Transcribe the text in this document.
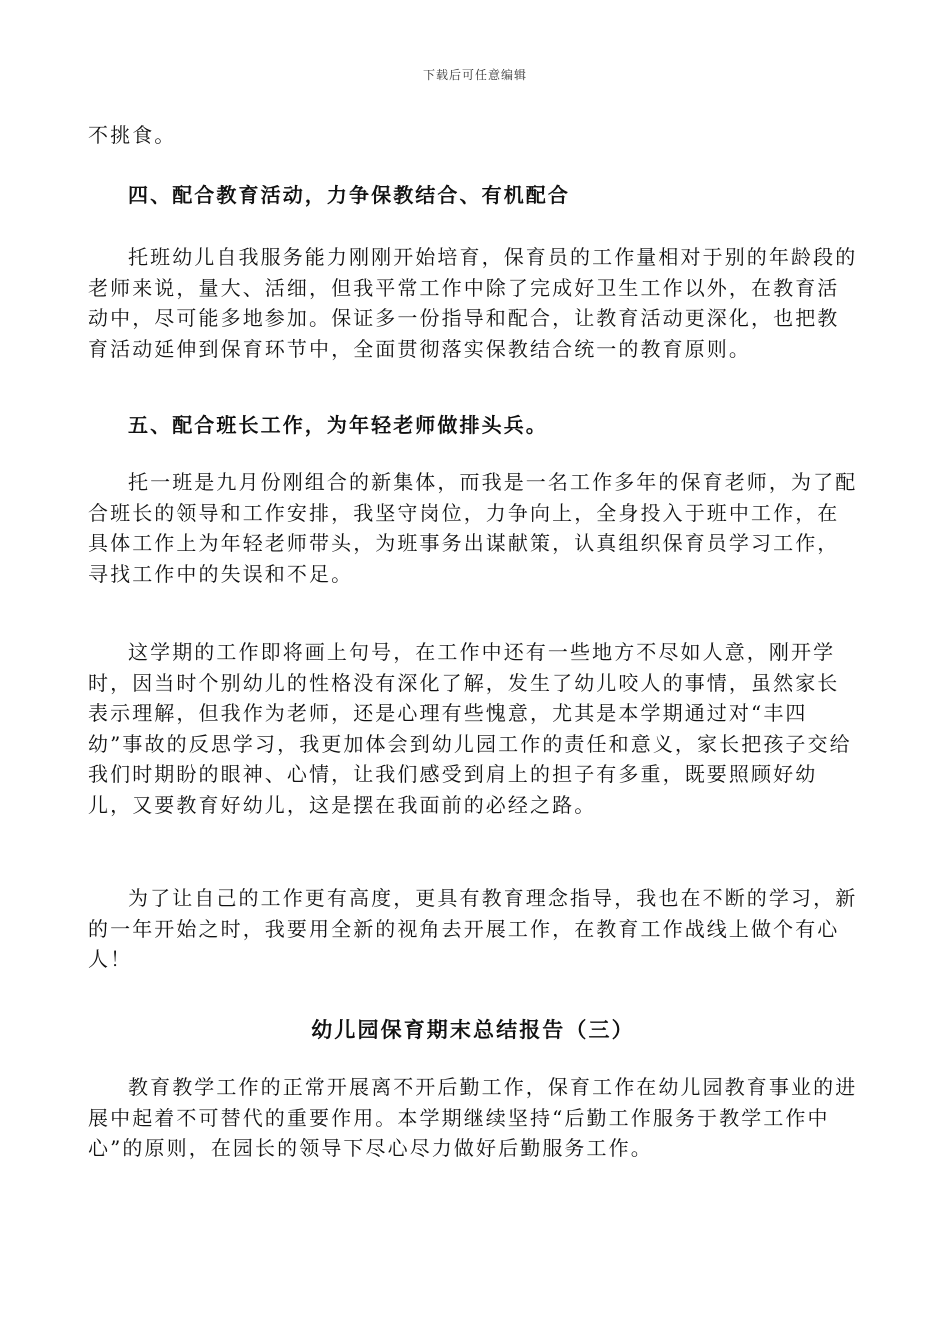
下载后可任意编辑

不挑食。

四、配合教育活动，力争保教结合、有机配合

托班幼儿自我服务能力刚刚开始培育，保育员的工作量相对于别的年龄段的老师来说，量大、活细，但我平常工作中除了完成好卫生工作以外，在教育活动中，尽可能多地参加。保证多一份指导和配合，让教育活动更深化，也把教育活动延伸到保育环节中，全面贯彻落实保教结合统一的教育原则。

五、配合班长工作，为年轻老师做排头兵。

托一班是九月份刚组合的新集体，而我是一名工作多年的保育老师，为了配合班长的领导和工作安排，我坚守岗位，力争向上，全身投入于班中工作，在具体工作上为年轻老师带头，为班事务出谋献策，认真组织保育员学习工作，寻找工作中的失误和不足。

这学期的工作即将画上句号，在工作中还有一些地方不尽如人意，刚开学时，因当时个别幼儿的性格没有深化了解，发生了幼儿咬人的事情，虽然家长表示理解，但我作为老师，还是心理有些愧意，尤其是本学期通过对“丰四幼”事故的反思学习，我更加体会到幼儿园工作的责任和意义，家长把孩子交给我们时期盼的眼神、心情，让我们感受到肩上的担子有多重，既要照顾好幼儿，又要教育好幼儿，这是摆在我面前的必经之路。

为了让自己的工作更有高度，更具有教育理念指导，我也在不断的学习，新的一年开始之时，我要用全新的视角去开展工作，在教育工作战线上做个有心人！

幼儿园保育期末总结报告（三）

教育教学工作的正常开展离不开后勤工作，保育工作在幼儿园教育事业的进展中起着不可替代的重要作用。本学期继续坚持“后勤工作服务于教学工作中心”的原则，在园长的领导下尽心尽力做好后勤服务工作。
